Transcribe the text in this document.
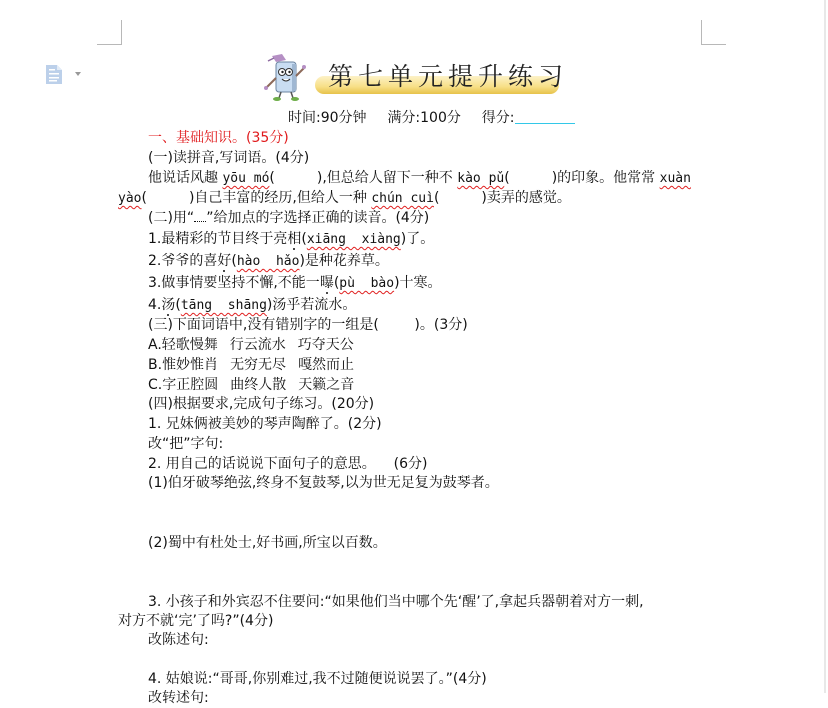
第七单元提升练习
时间:90分钟 满分:100分 得分:
一、基础知识。(35分)
(一)读拼音,写词语。(4分)
他说话风趣 yōu mó(	),但总给人留下一种不 kào pǔ(	)的印象。他常常 xuàn
yào(	)自己丰富的经历,但给人一种 chún cuì(	)卖弄的感觉。
(二)用“ ”给加点的字选择正确的读音。(4分)
1.最精彩的节目终于亮相(xiāng  xiàng)了。
2.爷爷的喜好(hào  hǎo)是种花养草。
3.做事情要坚持不懈,不能一曝(pù  bào)十寒。
4.汤(tāng  shāng)汤乎若流水。
(三)下面词语中,没有错别字的一组是(        )。(3分)
A.轻歌慢舞 行云流水 巧夺天公
B.惟妙惟肖 无穷无尽 嘎然而止
C.字正腔圆 曲终人散 天籁之音
(四)根据要求,完成句子练习。(20分)
1. 兄妹俩被美妙的琴声陶醉了。(2分)
改“把”字句:
2. 用自己的话说说下面句子的意思。    (6分)
(1)伯牙破琴绝弦,终身不复鼓琴,以为世无足复为鼓琴者。
(2)蜀中有杜处士,好书画,所宝以百数。
3. 小孩子和外宾忍不住要问:“如果他们当中哪个先‘醒’了,拿起兵器朝着对方一刺,
对方不就‘完’了吗?”(4分)
改陈述句:
4. 姑娘说:“哥哥,你别难过,我不过随便说说罢了。”(4分)
改转述句:
